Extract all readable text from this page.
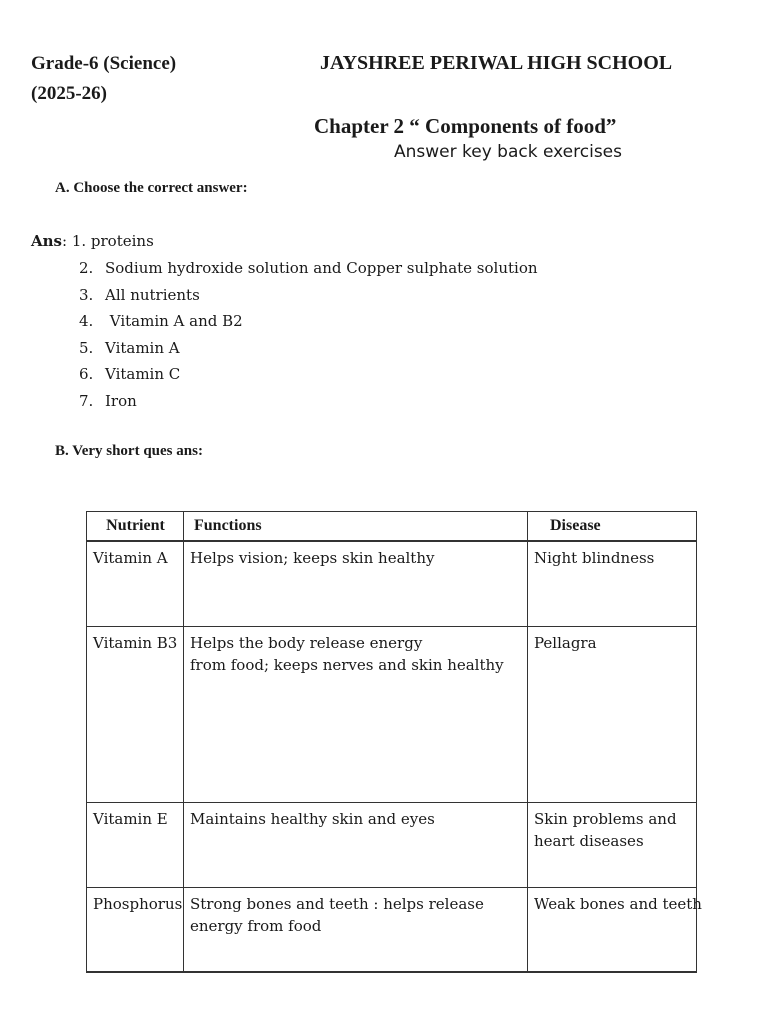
Grade-6 (Science)
(2025-26)
JAYSHREE PERIWAL HIGH SCHOOL
Chapter 2 “ Components of food”
Answer key back exercises
A. Choose the correct answer:
Ans: 1. proteins
2. Sodium hydroxide solution and Copper sulphate solution
3. All nutrients
4. Vitamin A and B2
5. Vitamin A
6. Vitamin C
7. Iron
B. Very short ques ans:
Nutrient	Functions	Disease
Vitamin A	Helps vision; keeps skin healthy	Night blindness

Vitamin B3	Helps the body release energy
from food; keeps nerves and skin healthy	Pellagra

Vitamin E	Maintains healthy skin and eyes	Skin problems and
heart diseases

Phosphorus	Strong bones and teeth : helps release
energy from food	Weak bones and teeth
